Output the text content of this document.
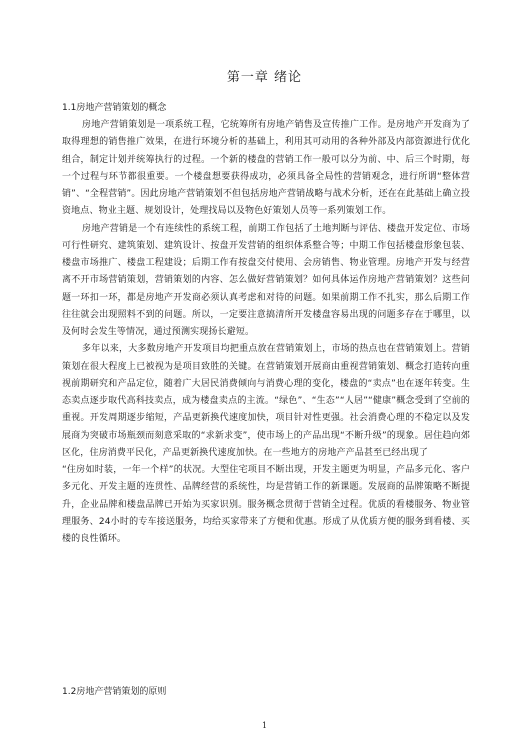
第一章 绪论
1.1房地产营销策划的概念

房地产营销策划是一项系统工程，它统筹所有房地产销售及宣传推广工作。是房地产开发商为了取得理想的销售推广效果，在进行环境分析的基础上，利用其可动用的各种外部及内部资源进行优化组合，制定计划并统筹执行的过程。一个新的楼盘的营销工作一般可以分为前、中、后三个时期，每一个过程与环节都很重要。一个楼盘想要获得成功，必须具备全局性的营销观念，进行所谓“整体营销”、“全程营销”。因此房地产营销策划不但包括房地产营销战略与战术分析，还在在此基础上确立投资地点、物业主题、规划设计，处理找局以及物色好策划人员等一系列策划工作。

房地产营销是一个有连续性的系统工程，前期工作包括了土地判断与评估、楼盘开发定位、市场可行性研究、建筑策划、建筑设计、按盘开发营销的组织体系整合等；中期工作包括楼盘形象包装、楼盘市场推广、楼盘工程建设；后期工作有按盘交付使用、会房销售、物业管理。房地产开发与经营离不开市场营销策划，营销策划的内容、怎么做好营销策划？如何具体运作房地产营销策划？这些问题一环扣一环，都是房地产开发商必须认真考虑和对待的问题。如果前期工作不扎实，那么后期工作往往就会出现照料不到的问题。所以，一定要注意搞清所开发楼盘容易出现的问题多存在于哪里，以及何时会发生等情况，通过预测实现扬长避短。

多年以来，大多数房地产开发项目均把重点放在营销策划上，市场的热点也在营销策划上。营销策划在很大程度上已被视为是项目致胜的关键。在营销策划开展商由重视营销策划、概念打造转向重视前期研究和产品定位，随着广大居民消费倾向与消费心理的变化，楼盘的“卖点”也在逐年转变。生态卖点逐步取代高科技卖点，成为楼盘卖点的主流。“绿色”、“生态”“人居”“健康”概念受到了空前的重视。开发周期逐步缩短，产品更新换代速度加快，项目针对性更强。社会消费心理的不稳定以及发展商为突破市场瓶颈而刻意采取的“求新求变”，使市场上的产品出现“不断升级”的现象。居住趋向郊区化，住房消费平民化，产品更新换代速度加快。在一些地方的房地产产品甚至已经出现了

“住房如时装，一年一个样”的状况。大型住宅项目不断出现，开发主题更为明显，产品多元化、客户多元化、开发主题的连贯性、品牌经营的系统性，均是营销工作的新课题。发展商的品牌策略不断提升，企业品牌和楼盘品牌已开始为买家识别。服务概念贯彻于营销全过程。优质的看楼服务、物业管理服务、24小时的专车接送服务，均给买家带来了方便和优惠。形成了从优质方便的服务到看楼、买楼的良性循环。

1.2房地产营销策划的原则
1
